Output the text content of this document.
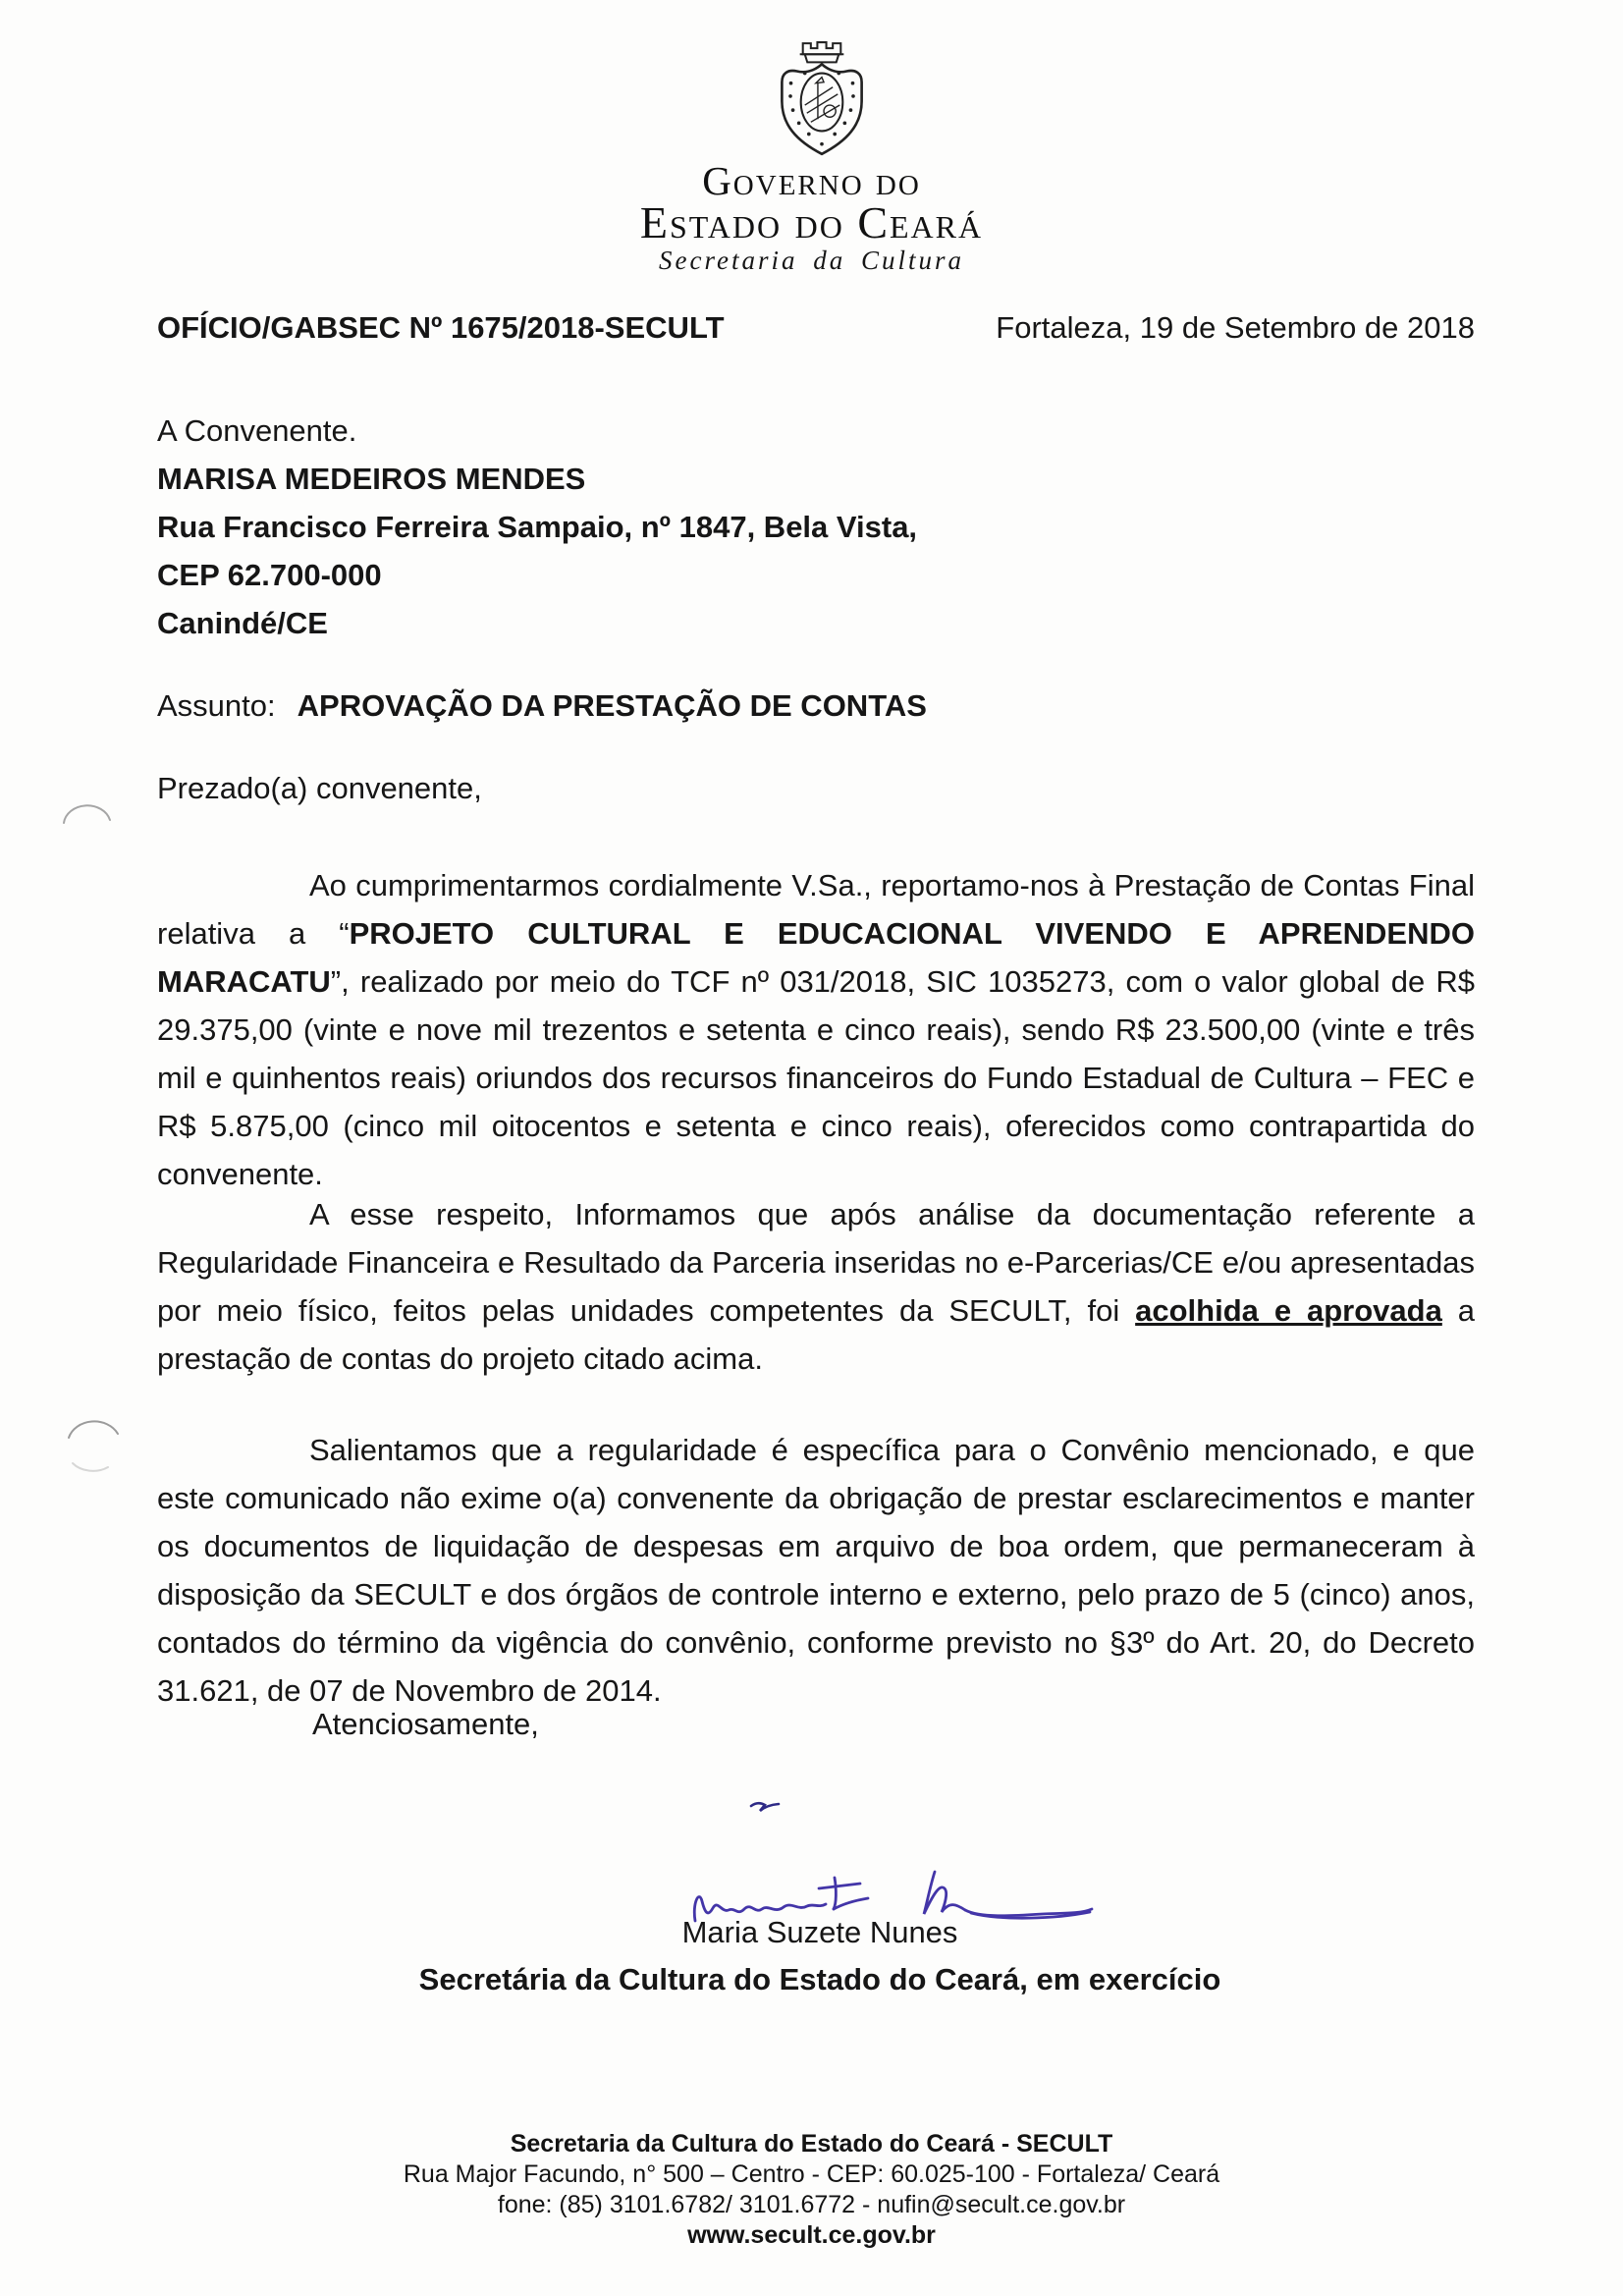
Governo do
Estado do Ceará
Secretaria da Cultura
OFÍCIO/GABSEC Nº 1675/2018-SECULT	Fortaleza, 19 de Setembro de 2018
A Convenente.
MARISA MEDEIROS MENDES
Rua Francisco Ferreira Sampaio, nº 1847, Bela Vista,
CEP 62.700-000
Canindé/CE
Assunto: APROVAÇÃO DA PRESTAÇÃO DE CONTAS
Prezado(a) convenente,

Ao cumprimentarmos cordialmente V.Sa., reportamo-nos à Prestação de Contas Final relativa a “PROJETO CULTURAL E EDUCACIONAL VIVENDO E APRENDENDO MARACATU”, realizado por meio do TCF nº 031/2018, SIC 1035273, com o valor global de R$ 29.375,00 (vinte e nove mil trezentos e setenta e cinco reais), sendo R$ 23.500,00 (vinte e três mil e quinhentos reais) oriundos dos recursos financeiros do Fundo Estadual de Cultura – FEC e R$ 5.875,00 (cinco mil oitocentos e setenta e cinco reais), oferecidos como contrapartida do convenente.

A esse respeito, Informamos que após análise da documentação referente a Regularidade Financeira e Resultado da Parceria inseridas no e-Parcerias/CE e/ou apresentadas por meio físico, feitos pelas unidades competentes da SECULT, foi acolhida e aprovada a prestação de contas do projeto citado acima.

Salientamos que a regularidade é específica para o Convênio mencionado, e que este comunicado não exime o(a) convenente da obrigação de prestar esclarecimentos e manter os documentos de liquidação de despesas em arquivo de boa ordem, que permaneceram à disposição da SECULT e dos órgãos de controle interno e externo, pelo prazo de 5 (cinco) anos, contados do término da vigência do convênio, conforme previsto no §3º do Art. 20, do Decreto 31.621, de 07 de Novembro de 2014.

Atenciosamente,
Maria Suzete Nunes
Secretária da Cultura do Estado do Ceará, em exercício
Secretaria da Cultura do Estado do Ceará - SECULT
Rua Major Facundo, n° 500 – Centro - CEP: 60.025-100 - Fortaleza/ Ceará
fone: (85) 3101.6782/ 3101.6772 - nufin@secult.ce.gov.br
www.secult.ce.gov.br
